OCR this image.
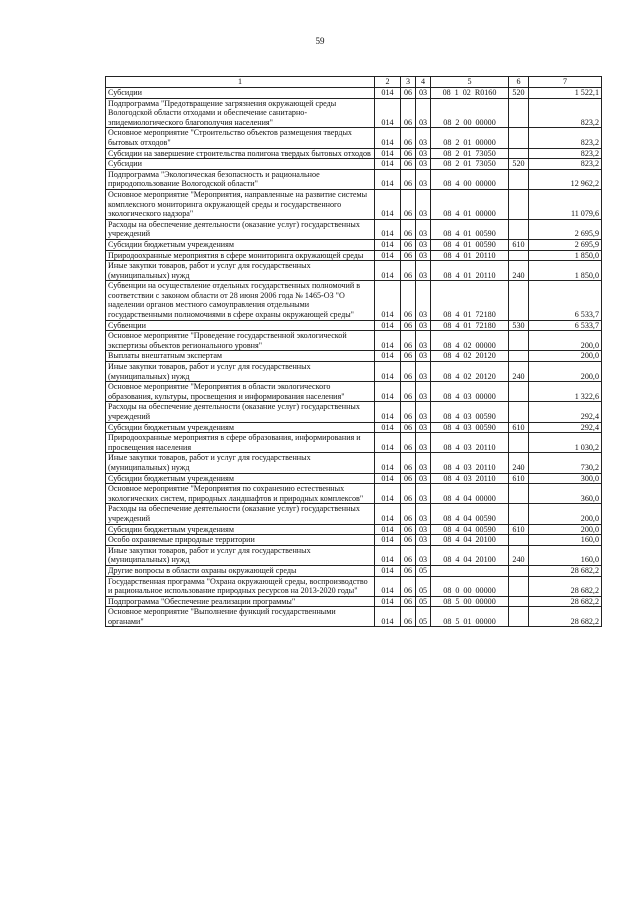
59
1	2	3	4	5	6	7
Субсидии	014	06	03	08 1 02 R0160	520	1 522,1
Подпрограмма "Предотвращение загрязнения окружающей среды Вологодской области отходами и обеспечение санитарно-эпидемиологического благополучия населения"	014	06	03	08 2 00 00000		823,2
Основное мероприятие "Строительство объектов размещения твердых бытовых отходов"	014	06	03	08 2 01 00000		823,2
Субсидии на завершение строительства полигона твердых бытовых отходов	014	06	03	08 2 01 73050		823,2
Субсидии	014	06	03	08 2 01 73050	520	823,2
Подпрограмма "Экологическая безопасность и рациональное природопользование Вологодской области"	014	06	03	08 4 00 00000		12 962,2
Основное мероприятие "Мероприятия, направленные на развитие системы комплексного мониторинга окружающей среды и государственного экологического надзора"	014	06	03	08 4 01 00000		11 079,6
Расходы на обеспечение деятельности (оказание услуг) государственных учреждений	014	06	03	08 4 01 00590		2 695,9
Субсидии бюджетным учреждениям	014	06	03	08 4 01 00590	610	2 695,9
Природоохранные мероприятия в сфере мониторинга окружающей среды	014	06	03	08 4 01 20110		1 850,0
Иные закупки товаров, работ и услуг для государственных (муниципальных) нужд	014	06	03	08 4 01 20110	240	1 850,0
Субвенции на осуществление отдельных государственных полномочий в соответствии с законом области от 28 июня 2006 года № 1465-ОЗ "О наделении органов местного самоуправления отдельными государственными полномочиями в сфере охраны окружающей среды"	014	06	03	08 4 01 72180		6 533,7
Субвенции	014	06	03	08 4 01 72180	530	6 533,7
Основное мероприятие "Проведение государственной экологической экспертизы объектов регионального уровня"	014	06	03	08 4 02 00000		200,0
Выплаты внештатным экспертам	014	06	03	08 4 02 20120		200,0
Иные закупки товаров, работ и услуг для государственных (муниципальных) нужд	014	06	03	08 4 02 20120	240	200,0
Основное мероприятие "Мероприятия в области экологического образования, культуры, просвещения и информирования населения"	014	06	03	08 4 03 00000		1 322,6
Расходы на обеспечение деятельности (оказание услуг) государственных учреждений	014	06	03	08 4 03 00590		292,4
Субсидии бюджетным учреждениям	014	06	03	08 4 03 00590	610	292,4
Природоохранные мероприятия в сфере образования, информирования и просвещения населения	014	06	03	08 4 03 20110		1 030,2
Иные закупки товаров, работ и услуг для государственных (муниципальных) нужд	014	06	03	08 4 03 20110	240	730,2
Субсидии бюджетным учреждениям	014	06	03	08 4 03 20110	610	300,0
Основное мероприятие "Мероприятия по сохранению естественных экологических систем, природных ландшафтов и природных комплексов"	014	06	03	08 4 04 00000		360,0
Расходы на обеспечение деятельности (оказание услуг) государственных учреждений	014	06	03	08 4 04 00590		200,0
Субсидии бюджетным учреждениям	014	06	03	08 4 04 00590	610	200,0
Особо охраняемые природные территории	014	06	03	08 4 04 20100		160,0
Иные закупки товаров, работ и услуг для государственных (муниципальных) нужд	014	06	03	08 4 04 20100	240	160,0
Другие вопросы в области охраны окружающей среды	014	06	05			28 682,2
Государственная программа "Охрана окружающей среды, воспроизводство и рациональное использование природных ресурсов на 2013-2020 годы"	014	06	05	08 0 00 00000		28 682,2
Подпрограмма "Обеспечение реализации программы"	014	06	05	08 5 00 00000		28 682,2
Основное мероприятие "Выполнение функций государственными органами"	014	06	05	08 5 01 00000		28 682,2
